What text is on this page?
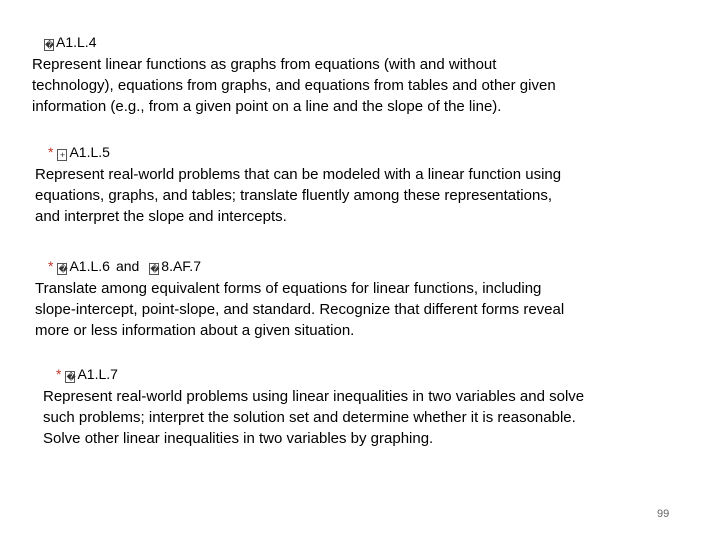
� A1.L.4
Represent linear functions as graphs from equations (with and without
technology), equations from graphs, and equations from tables and other given
information (e.g., from a given point on a line and the slope of the line).
* + A1.L.5
Represent real-world problems that can be modeled with a linear function using
equations, graphs, and tables; translate fluently among these representations,
and interpret the slope and intercepts.
* � A1.L.6 and � 8.AF.7
Translate among equivalent forms of equations for linear functions, including
slope-intercept, point-slope, and standard. Recognize that different forms reveal
more or less information about a given situation.
* � A1.L.7
Represent real-world problems using linear inequalities in two variables and solve
such problems; interpret the solution set and determine whether it is reasonable.
Solve other linear inequalities in two variables by graphing.
99
